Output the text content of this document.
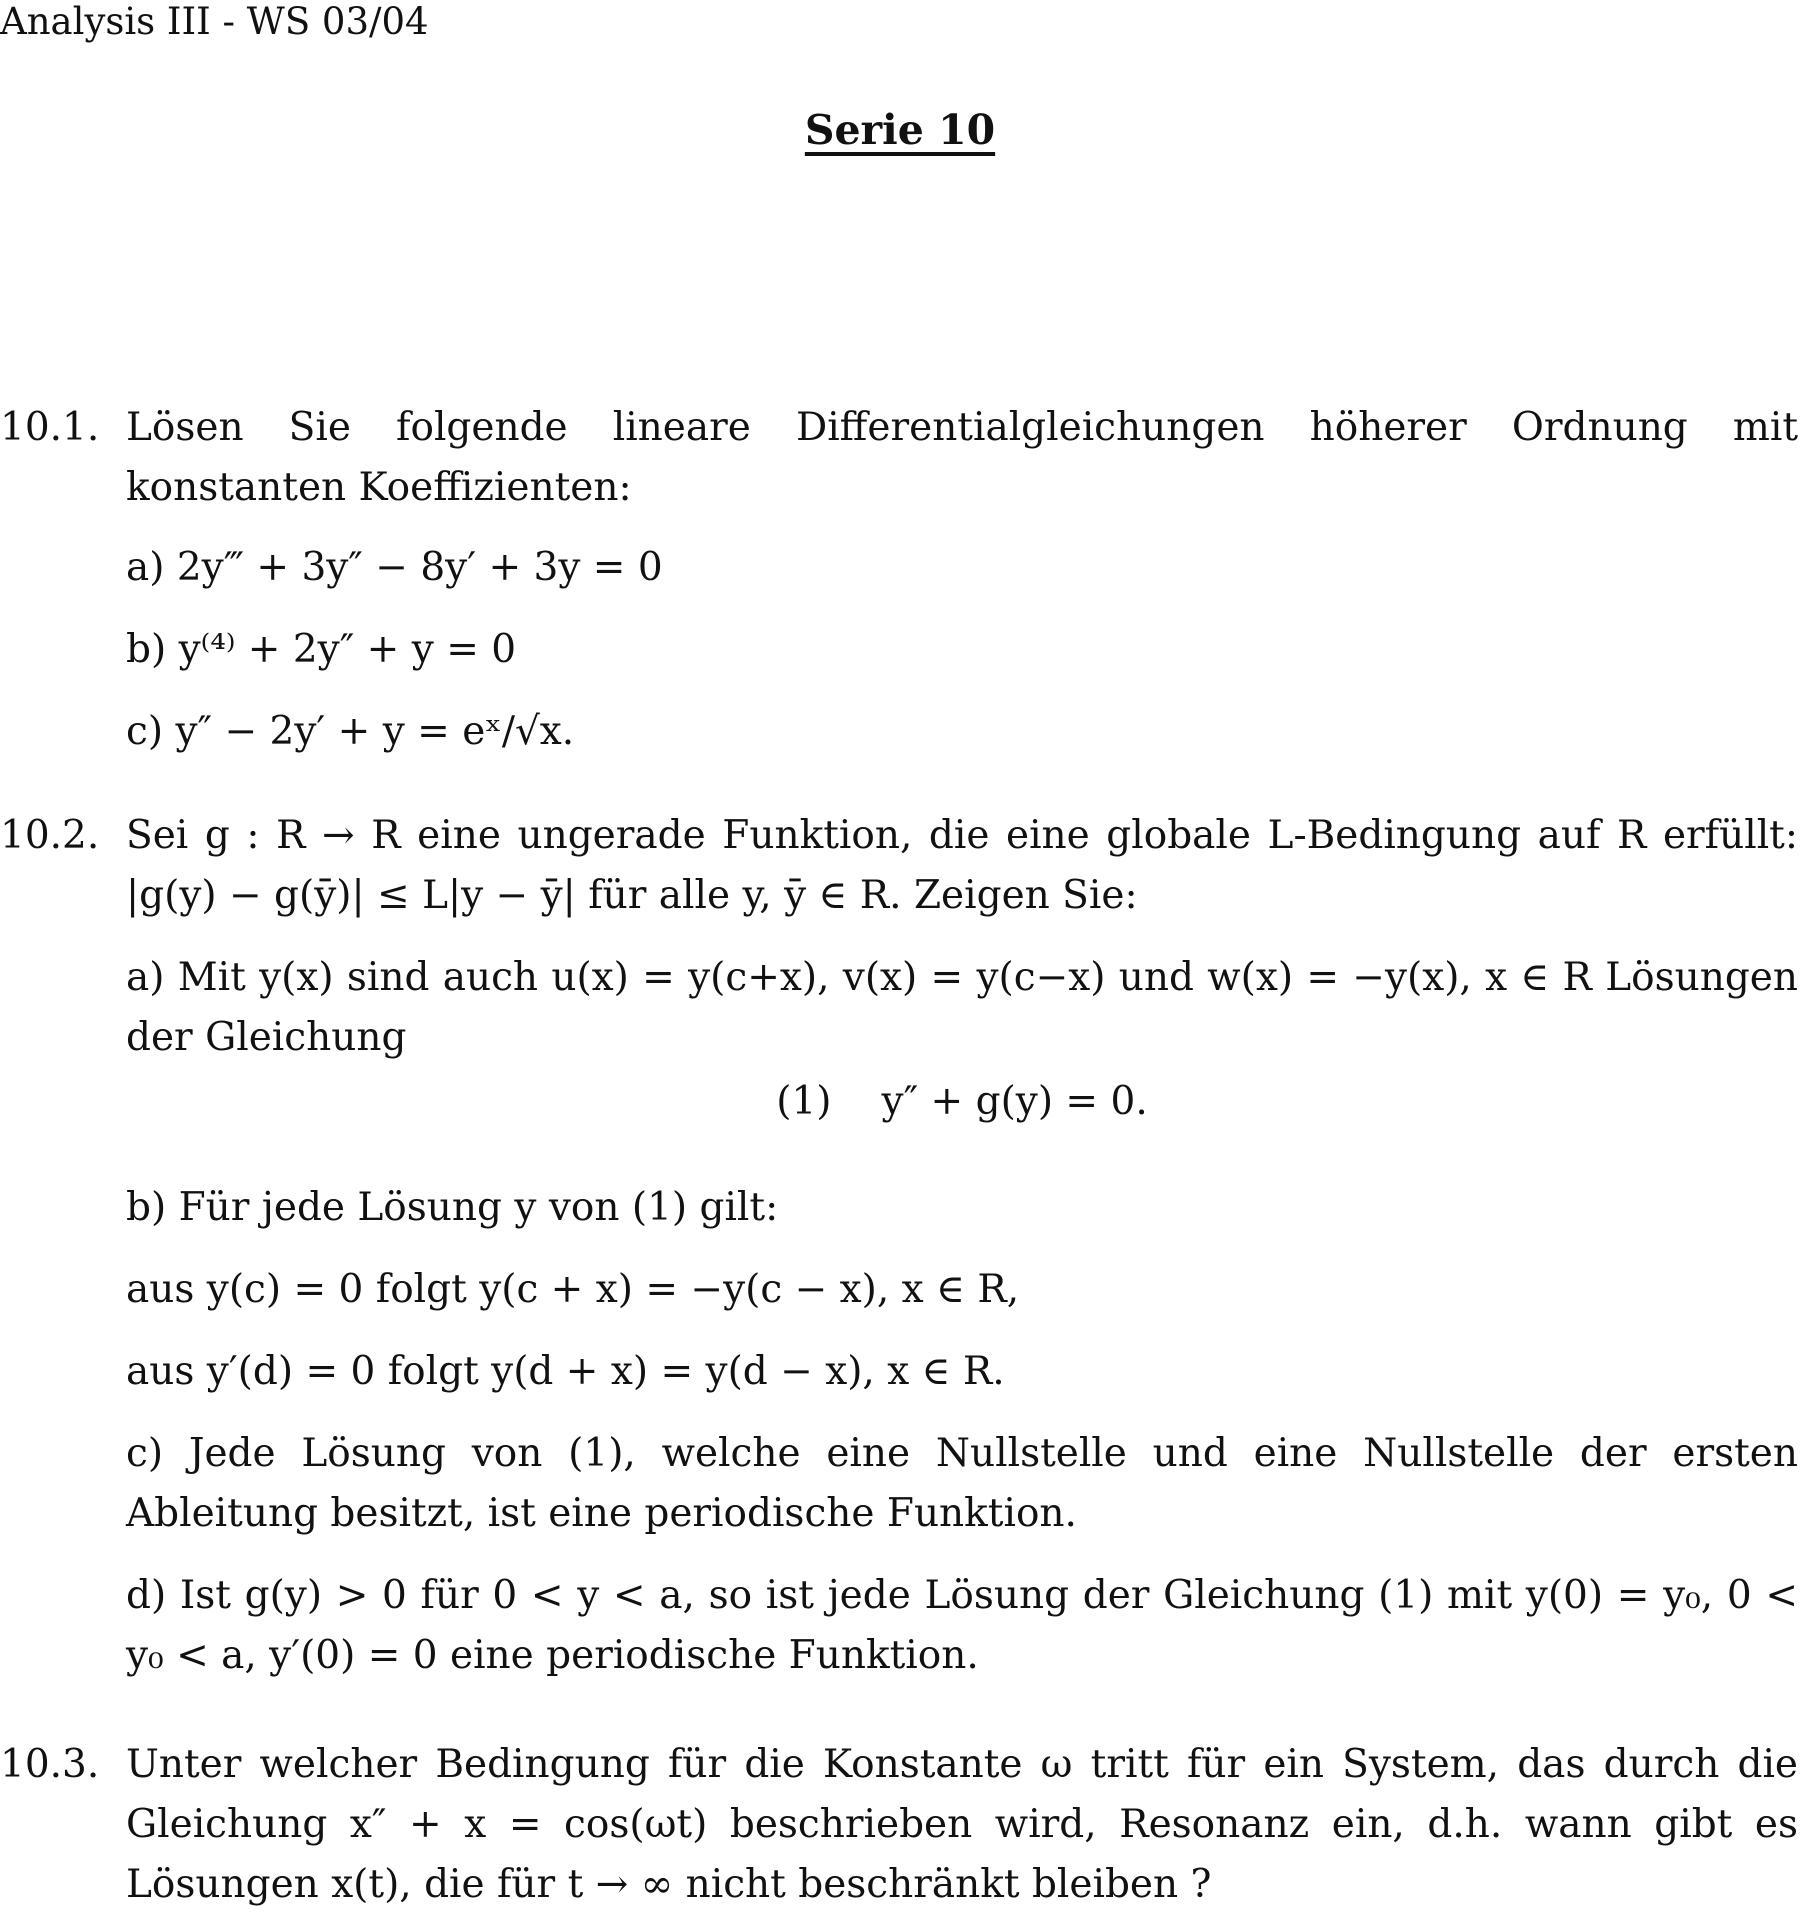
Analysis III - WS 03/04
Serie 10
10.1. Lösen Sie folgende lineare Differentialgleichungen höherer Ordnung mit konstanten Koeffizienten:
a) 2y‴ + 3y″ − 8y′ + 3y = 0
b) y⁽⁴⁾ + 2y″ + y = 0
c) y″ − 2y′ + y = eˣ/√x.
10.2. Sei g : R → R eine ungerade Funktion, die eine globale L-Bedingung auf R erfüllt: |g(y) − g(ȳ)| ≤ L|y − ȳ| für alle y, ȳ ∈ R. Zeigen Sie:
a) Mit y(x) sind auch u(x) = y(c+x), v(x) = y(c−x) und w(x) = −y(x), x ∈ R Lösungen der Gleichung
(1) y″ + g(y) = 0.
b) Für jede Lösung y von (1) gilt:
aus y(c) = 0 folgt y(c + x) = −y(c − x), x ∈ R,
aus y′(d) = 0 folgt y(d + x) = y(d − x), x ∈ R.
c) Jede Lösung von (1), welche eine Nullstelle und eine Nullstelle der ersten Ableitung besitzt, ist eine periodische Funktion.
d) Ist g(y) > 0 für 0 < y < a, so ist jede Lösung der Gleichung (1) mit y(0) = y₀, 0 < y₀ < a, y′(0) = 0 eine periodische Funktion.
10.3. Unter welcher Bedingung für die Konstante ω tritt für ein System, das durch die Gleichung x″ + x = cos(ωt) beschrieben wird, Resonanz ein, d.h. wann gibt es Lösungen x(t), die für t → ∞ nicht beschränkt bleiben ?
